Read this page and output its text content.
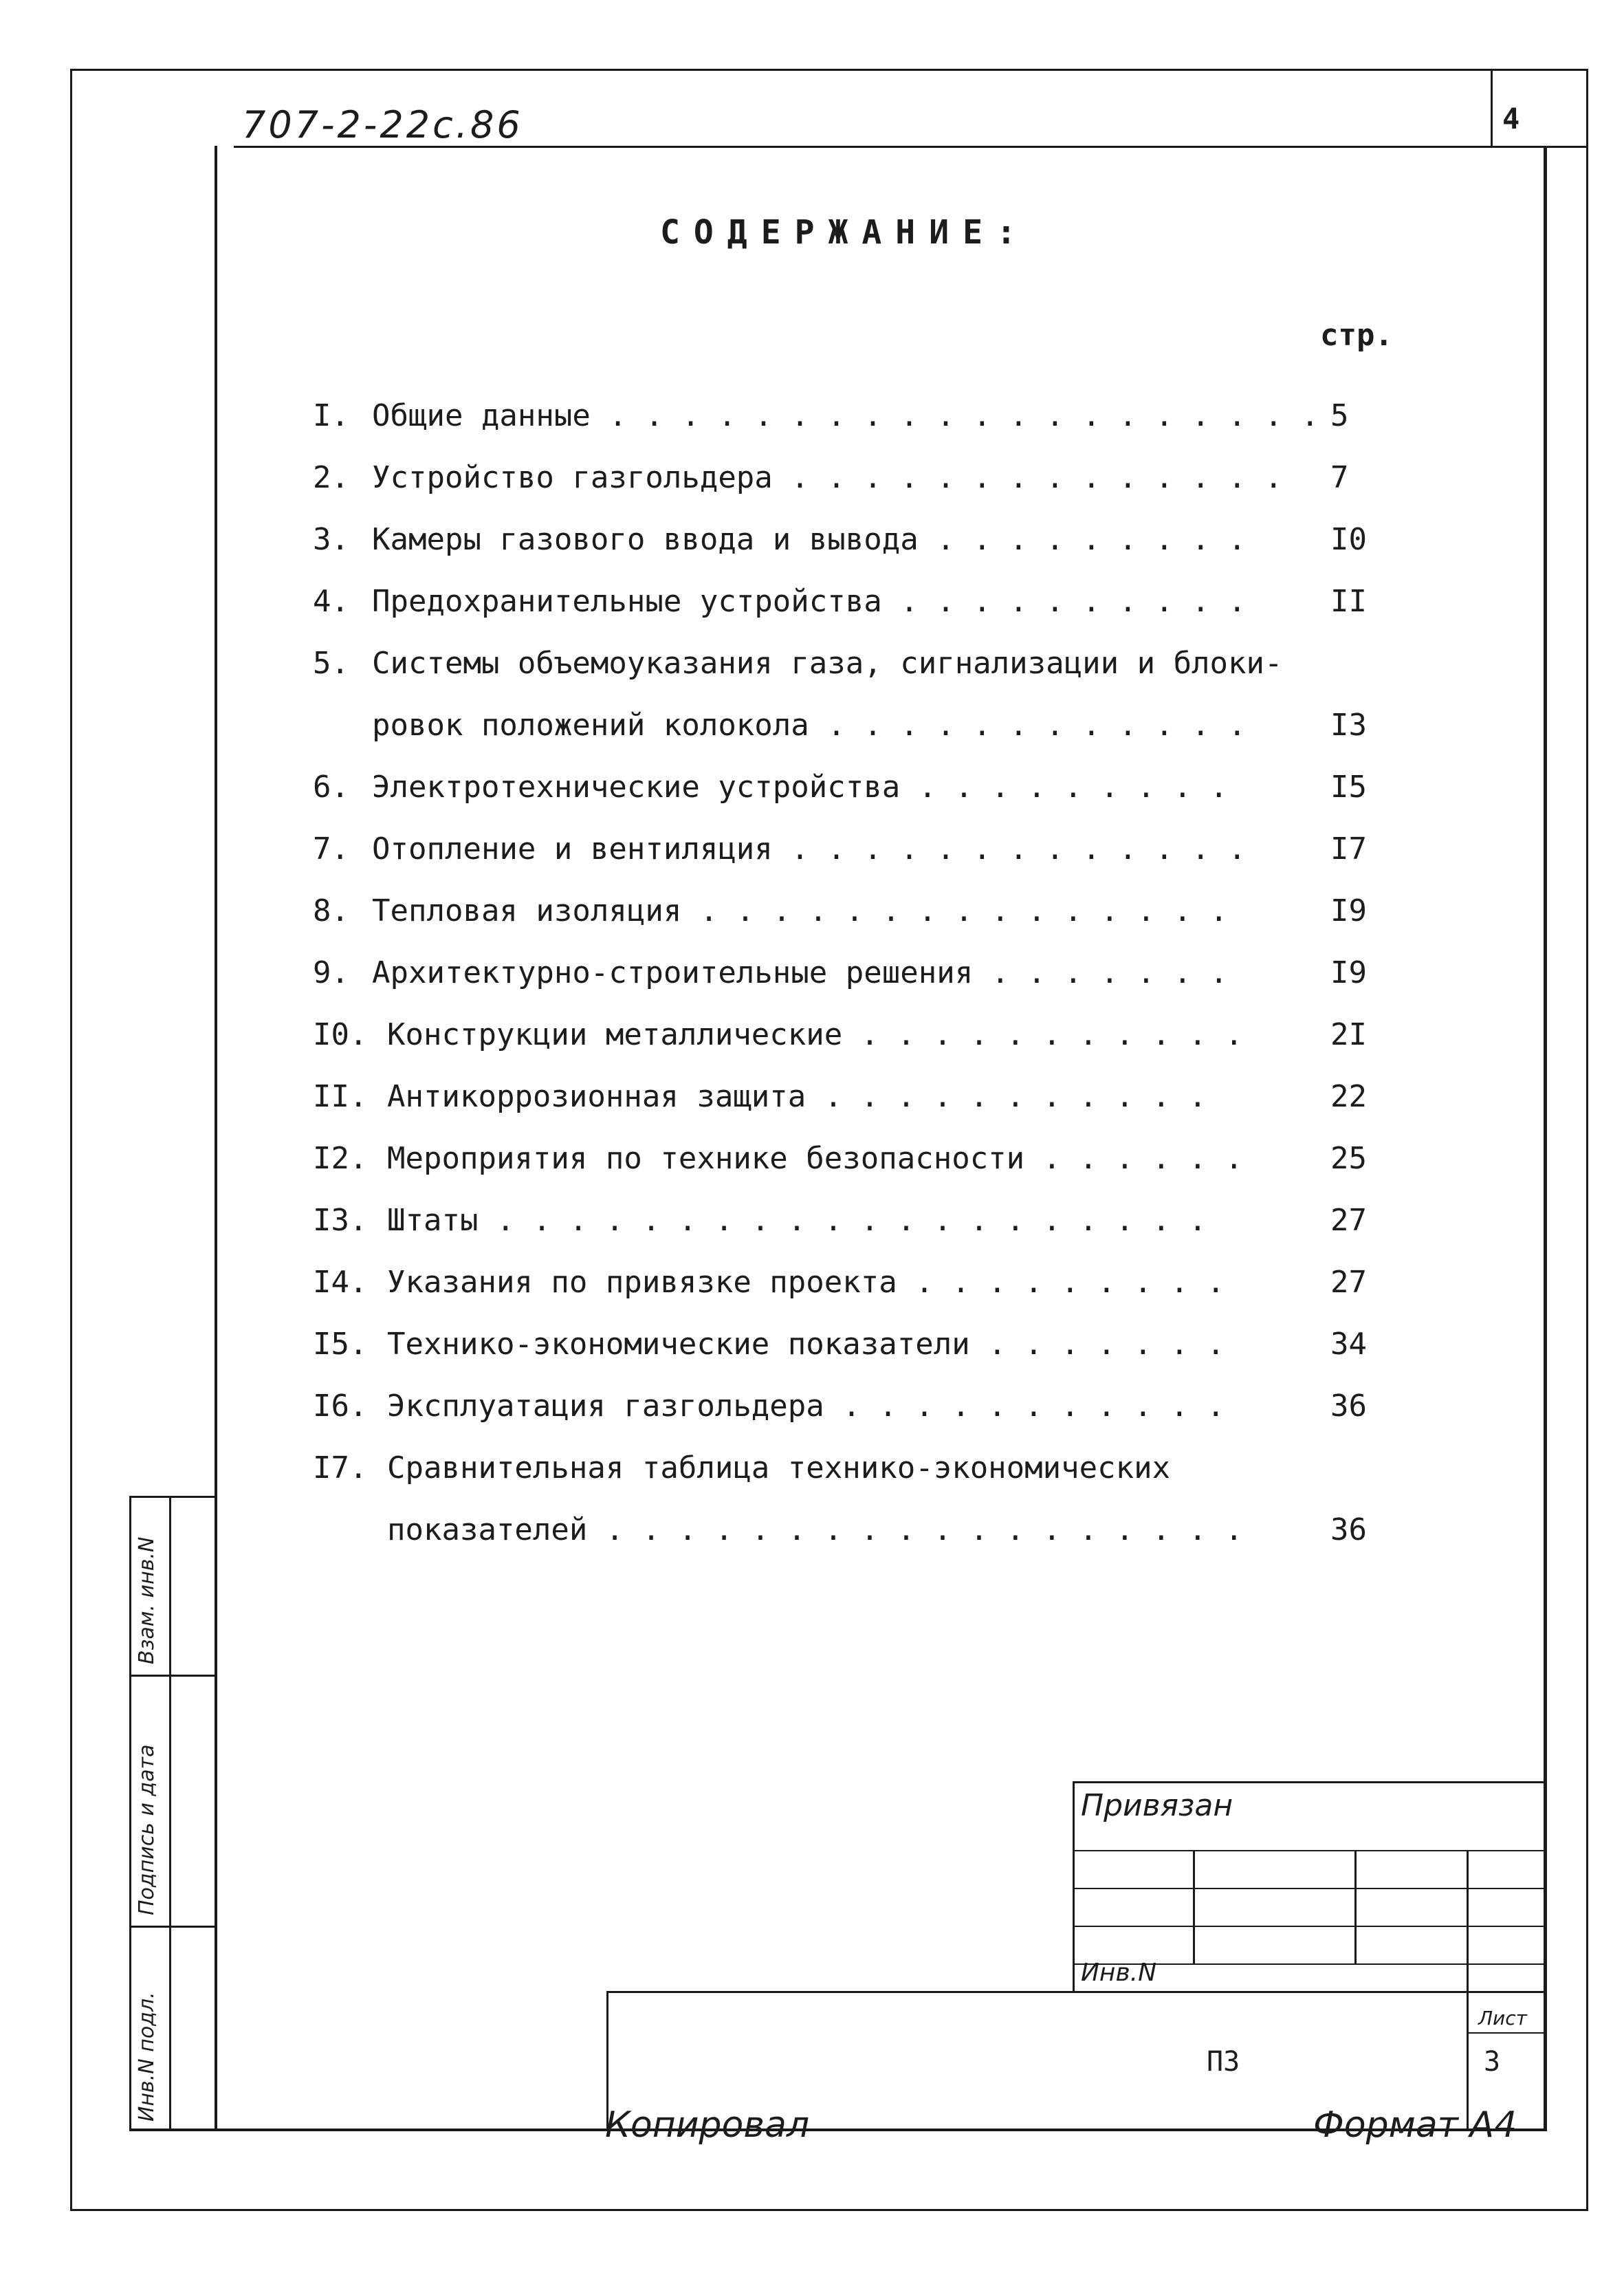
707-2-22с.86	4
СОДЕРЖАНИЕ:
стр.
I. Общие данные . . . . . . . . . . . . . . . . . . . . 5
2. Устройство газгольдера . . . . . . . . . . . . . . 7
3. Камеры газового ввода и вывода . . . . . . . . .	I0
4. Предохранительные устройства . . . . . . . . . .	II
5. Системы объемоуказания газа, сигнализации и блоки-
ровок положений колокола . . . . . . . . . . . .	I3
6. Электротехнические устройства . . . . . . . . .	I5
7. Отопление и вентиляция . . . . . . . . . . . . .	I7
8. Тепловая изоляция . . . . . . . . . . . . . . .	I9
9. Архитектурно-строительные решения . . . . . . .	I9
I0. Конструкции металлические . . . . . . . . . . .	2I
II. Антикоррозионная защита . . . . . . . . . . .	22
I2. Мероприятия по технике безопасности . . . . . .	25
I3. Штаты . . . . . . . . . . . . . . . . . . . .	27
I4. Указания по привязке проекта . . . . . . . . .	27
I5. Технико-экономические показатели . . . . . . .	34
I6. Эксплуатация газгольдера . . . . . . . . . . .	36
I7. Сравнительная таблица технико-экономических
показателей . . . . . . . . . . . . . . . . . .	36
Взам. инв.N
Подпись и дата
Инв.N подл.
Привязан
Инв.N
ПЗ
Лист
3
Копировал	Формат А4
